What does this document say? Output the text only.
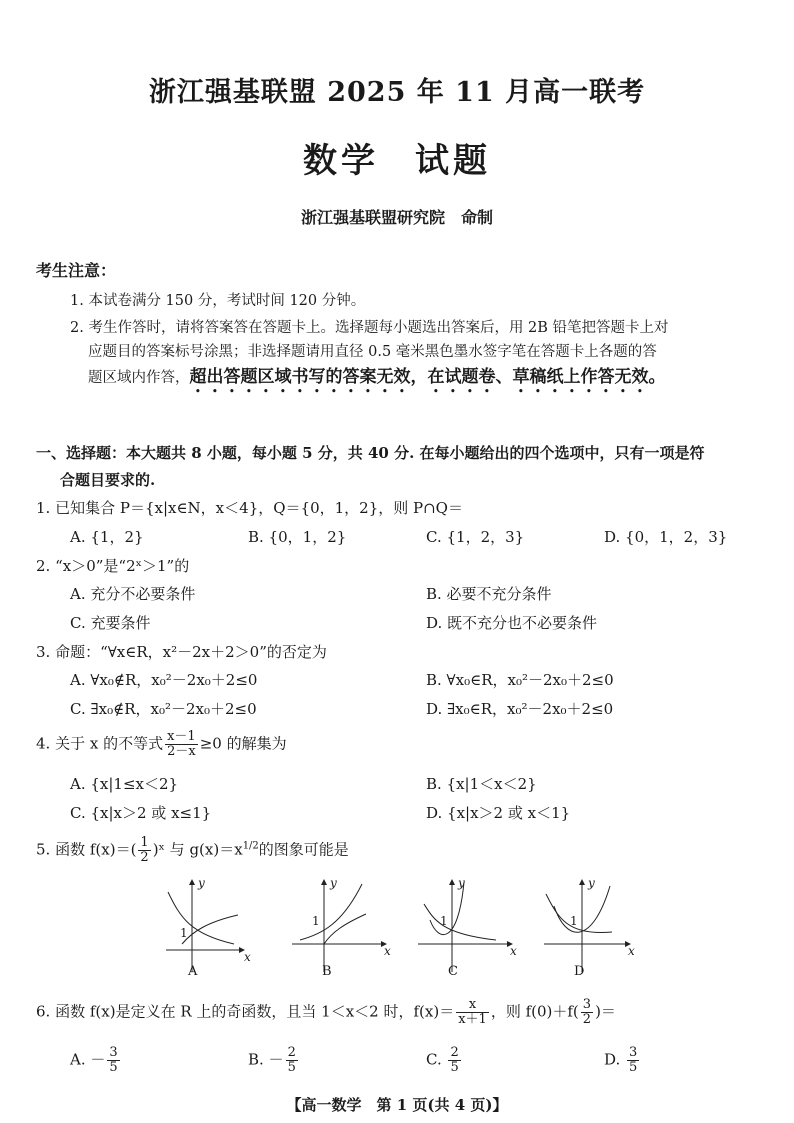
浙江强基联盟 2025 年 11 月高一联考
数学 试题
浙江强基联盟研究院 命制
考生注意：
1. 本试卷满分 150 分，考试时间 120 分钟。
2. 考生作答时，请将答案答在答题卡上。选择题每小题选出答案后，用 2B 铅笔把答题卡上对
应题目的答案标号涂黑；非选择题请用直径 0.5 毫米黑色墨水签字笔在答题卡上各题的答
题区域内作答，超出答题区域书写的答案无效，在试题卷、草稿纸上作答无效。
一、选择题：本大题共 8 小题，每小题 5 分，共 40 分. 在每小题给出的四个选项中，只有一项是符
合题目要求的.
1. 已知集合 P＝{x|x∈N，x＜4}，Q＝{0，1，2}，则 P∩Q＝
A. {1，2}	B. {0，1，2}	C. {1，2，3}	D. {0，1，2，3}
2. “x＞0”是“2ˣ＞1”的
A. 充分不必要条件	B. 必要不充分条件
C. 充要条件	D. 既不充分也不必要条件
3. 命题：“∀x∈R，x²－2x＋2＞0”的否定为
A. ∀x₀∉R，x₀²－2x₀＋2≤0	B. ∀x₀∈R，x₀²－2x₀＋2≤0
C. ∃x₀∉R，x₀²－2x₀＋2≤0	D. ∃x₀∈R，x₀²－2x₀＋2≤0
4. 关于 x 的不等式 $\frac{x-1}{2-x} \ge 0$ 的解集为
A. {x|1≤x＜2}	B. {x|1＜x＜2}
C. {x|x＞2 或 x≤1}	D. {x|x＞2 或 x＜1}
5. 函数 $f(x)=( \frac{1}{2}$ )ˣ 与 $g(x)=x^{1/2}$的图象可能是
y
x
1
y
x
1
y
x
1
y
x
1
A	B	C	D
6. 函数 f(x)是定义在 R 上的奇函数，且当 1＜x＜2 时，$f(x)= \frac{x}{x+1}$ ，则 $f(0)+f( \frac{3}{2}$ )＝
A. － $\frac{3}{5}$	B. － $\frac{2}{5}$	C. $\frac{2}{5}$	D. $\frac{3}{5}$
【高一数学　第 1 页(共 4 页)】
